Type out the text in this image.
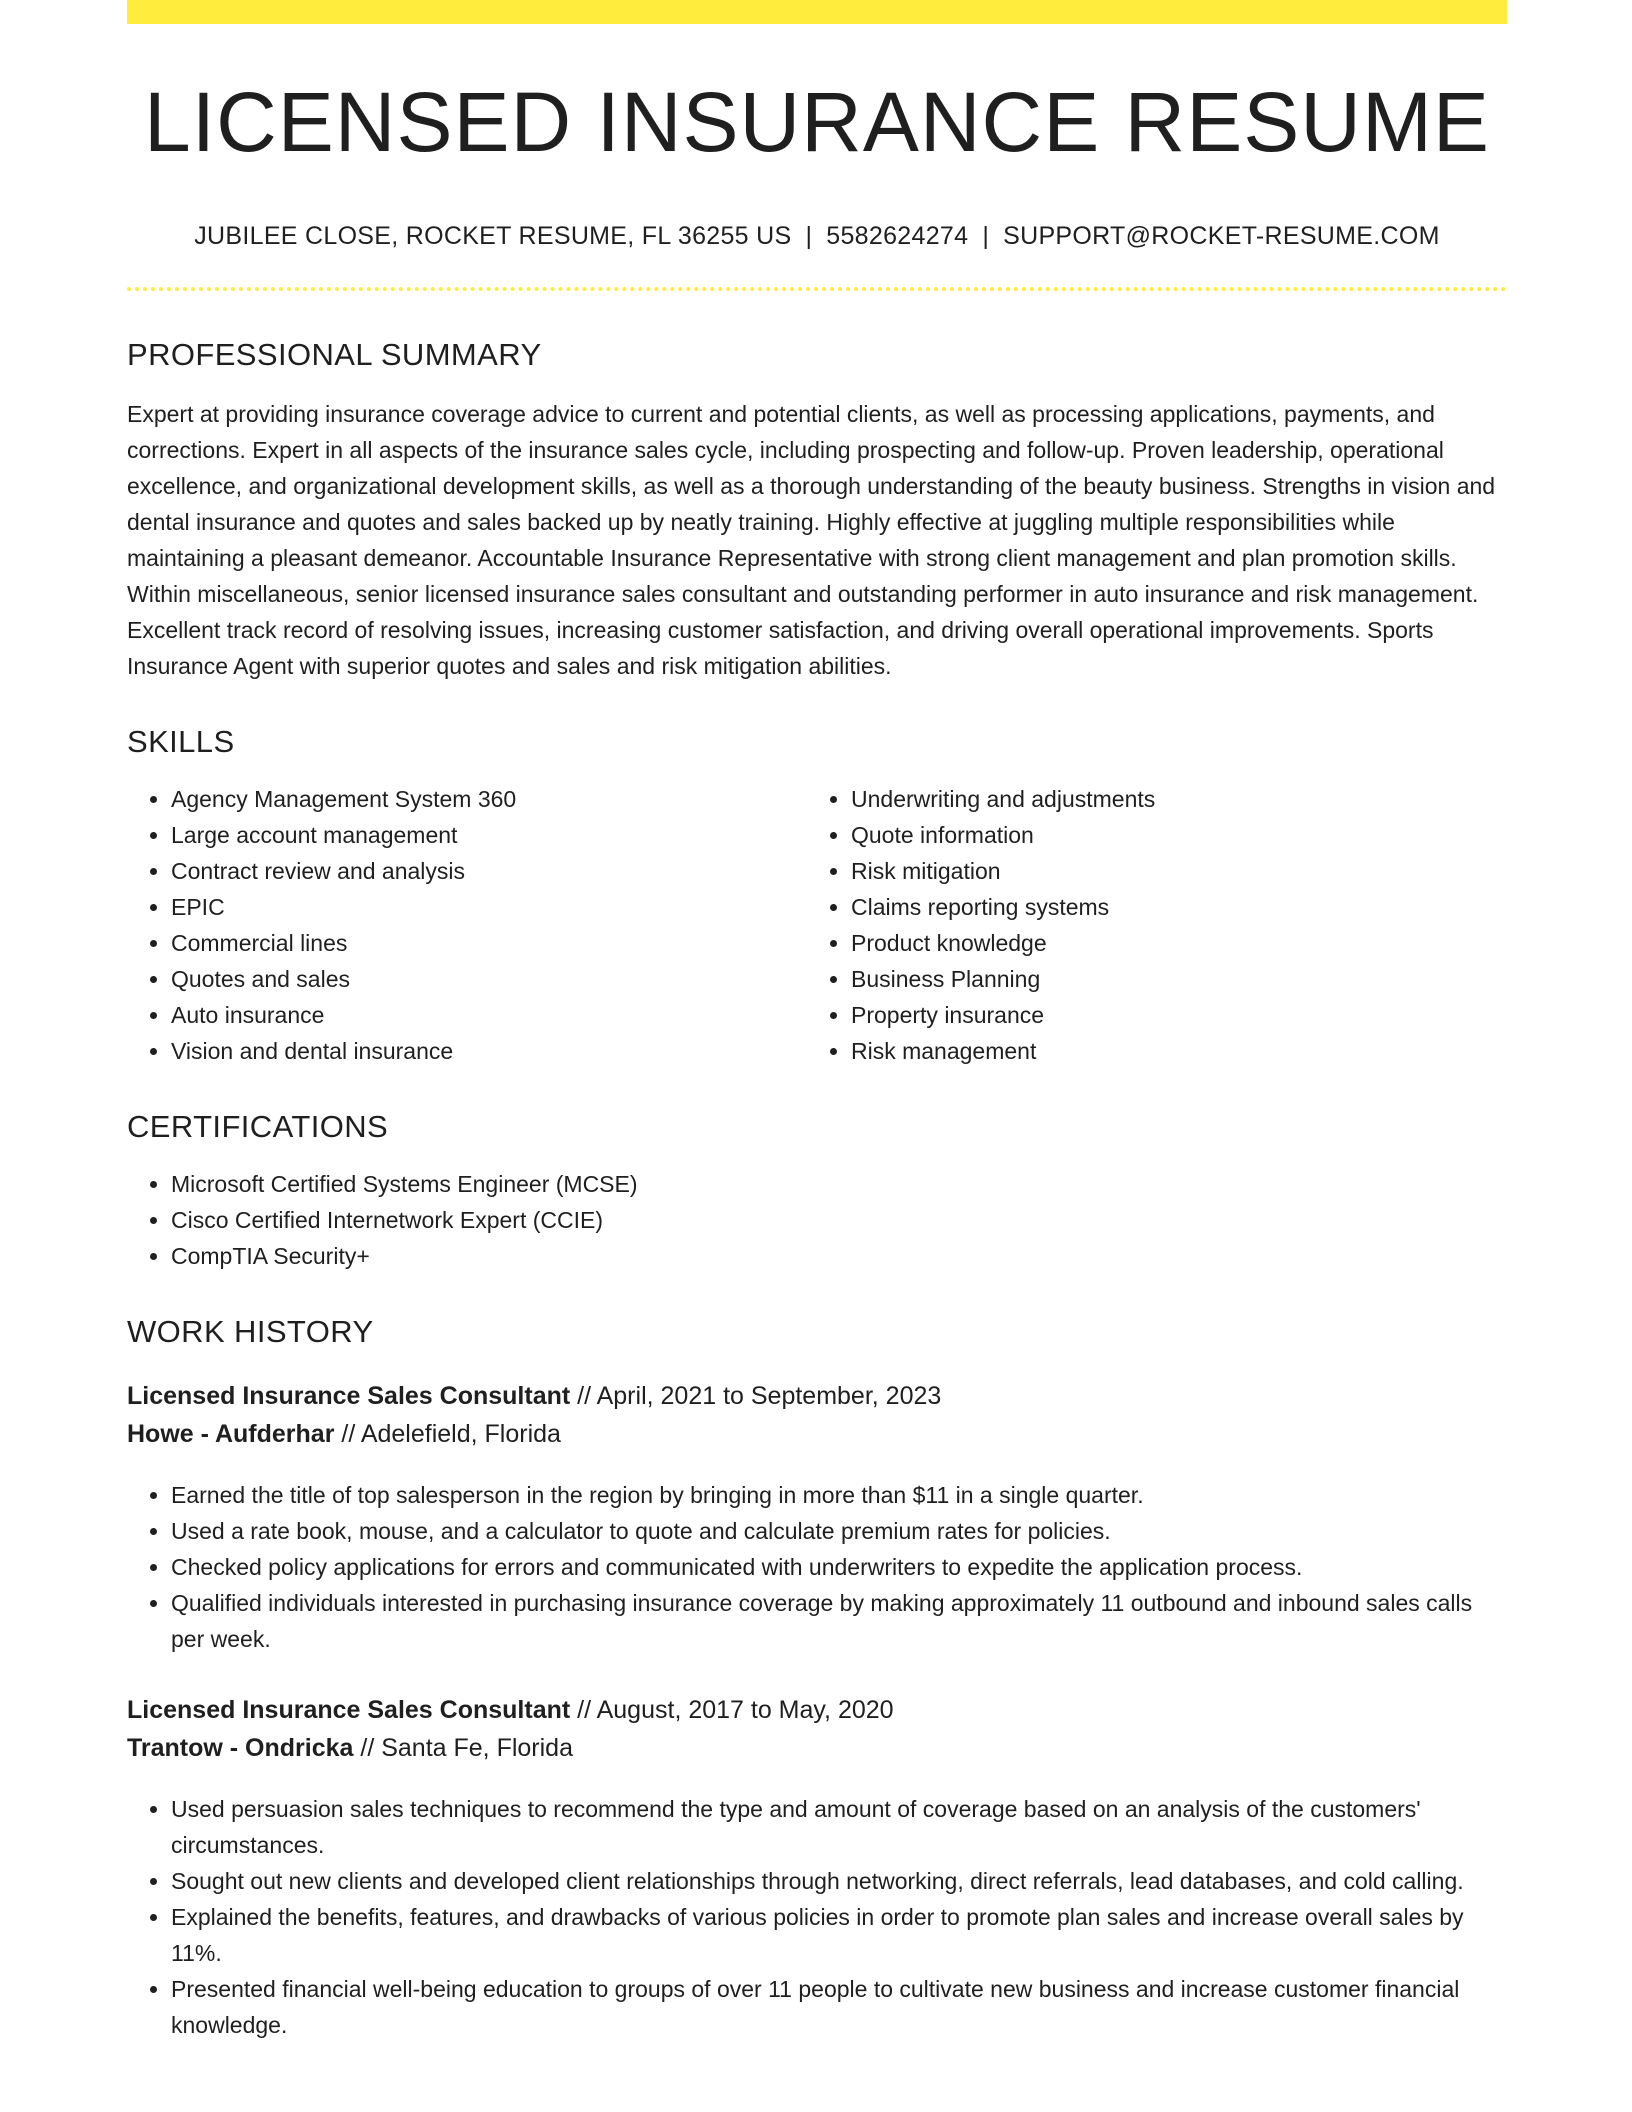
LICENSED INSURANCE RESUME
JUBILEE CLOSE, ROCKET RESUME, FL 36255 US | 5582624274 | SUPPORT@ROCKET-RESUME.COM
PROFESSIONAL SUMMARY
Expert at providing insurance coverage advice to current and potential clients, as well as processing applications, payments, and corrections. Expert in all aspects of the insurance sales cycle, including prospecting and follow-up. Proven leadership, operational excellence, and organizational development skills, as well as a thorough understanding of the beauty business. Strengths in vision and dental insurance and quotes and sales backed up by neatly training. Highly effective at juggling multiple responsibilities while maintaining a pleasant demeanor. Accountable Insurance Representative with strong client management and plan promotion skills. Within miscellaneous, senior licensed insurance sales consultant and outstanding performer in auto insurance and risk management. Excellent track record of resolving issues, increasing customer satisfaction, and driving overall operational improvements. Sports Insurance Agent with superior quotes and sales and risk mitigation abilities.
SKILLS
• Agency Management System 360
• Large account management
• Contract review and analysis
• EPIC
• Commercial lines
• Quotes and sales
• Auto insurance
• Vision and dental insurance
• Underwriting and adjustments
• Quote information
• Risk mitigation
• Claims reporting systems
• Product knowledge
• Business Planning
• Property insurance
• Risk management
CERTIFICATIONS
• Microsoft Certified Systems Engineer (MCSE)
• Cisco Certified Internetwork Expert (CCIE)
• CompTIA Security+
WORK HISTORY
Licensed Insurance Sales Consultant // April, 2021 to September, 2023
Howe - Aufderhar // Adelefield, Florida
• Earned the title of top salesperson in the region by bringing in more than $11 in a single quarter.
• Used a rate book, mouse, and a calculator to quote and calculate premium rates for policies.
• Checked policy applications for errors and communicated with underwriters to expedite the application process.
• Qualified individuals interested in purchasing insurance coverage by making approximately 11 outbound and inbound sales calls per week.
Licensed Insurance Sales Consultant // August, 2017 to May, 2020
Trantow - Ondricka // Santa Fe, Florida
• Used persuasion sales techniques to recommend the type and amount of coverage based on an analysis of the customers' circumstances.
• Sought out new clients and developed client relationships through networking, direct referrals, lead databases, and cold calling.
• Explained the benefits, features, and drawbacks of various policies in order to promote plan sales and increase overall sales by 11%.
• Presented financial well-being education to groups of over 11 people to cultivate new business and increase customer financial knowledge.
